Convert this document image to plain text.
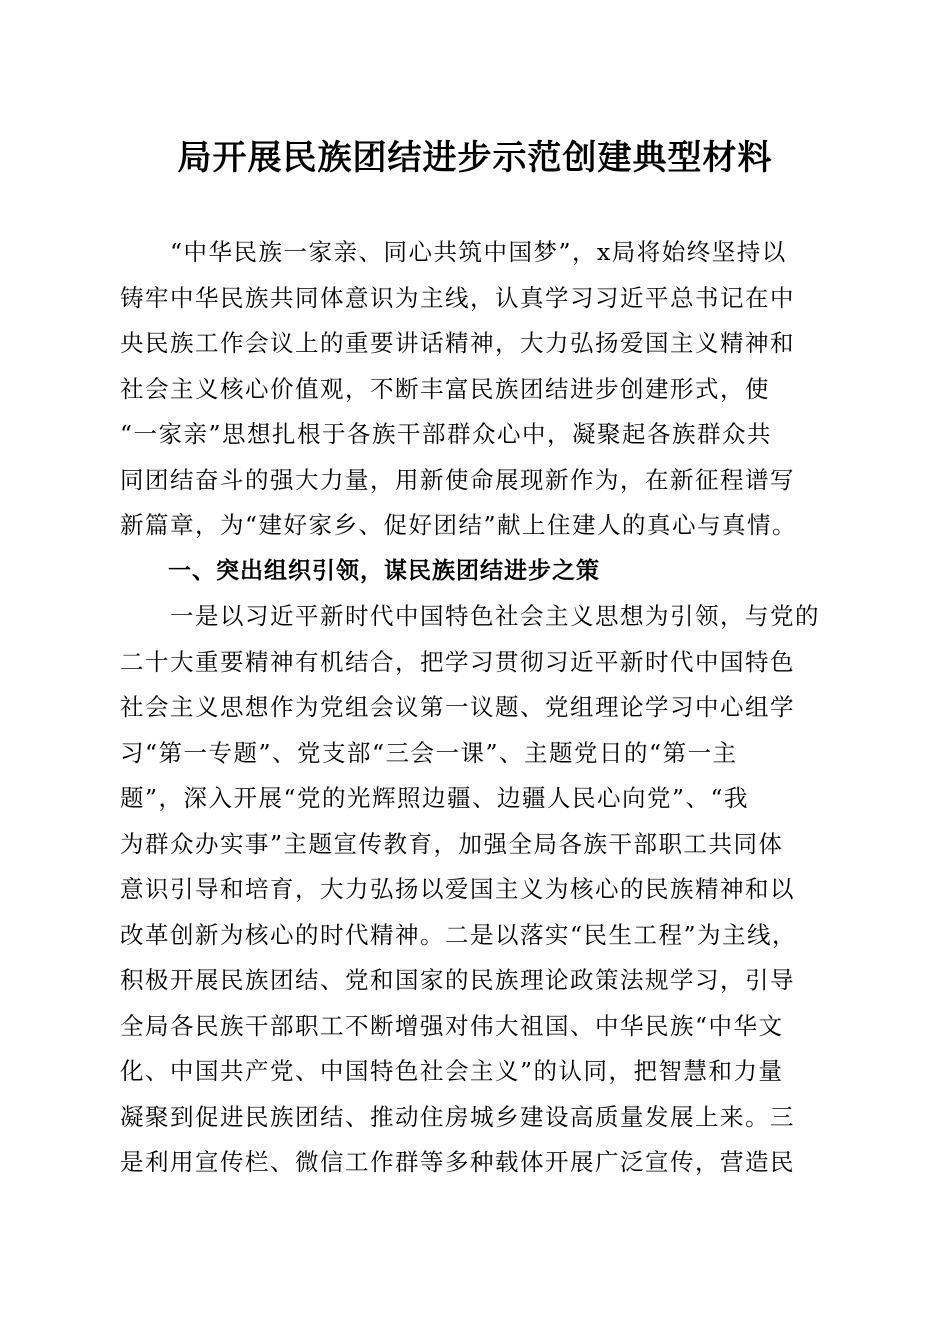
局开展民族团结进步示范创建典型材料
　　“中华民族一家亲、同心共筑中国梦”，x局将始终坚持以
铸牢中华民族共同体意识为主线，认真学习习近平总书记在中
央民族工作会议上的重要讲话精神，大力弘扬爱国主义精神和
社会主义核心价值观，不断丰富民族团结进步创建形式，使
“一家亲”思想扎根于各族干部群众心中，凝聚起各族群众共
同团结奋斗的强大力量，用新使命展现新作为，在新征程谱写
新篇章，为“建好家乡、促好团结”献上住建人的真心与真情。
　　一、突出组织引领，谋民族团结进步之策
　　一是以习近平新时代中国特色社会主义思想为引领，与党的
二十大重要精神有机结合，把学习贯彻习近平新时代中国特色
社会主义思想作为党组会议第一议题、党组理论学习中心组学
习“第一专题”、党支部“三会一课”、主题党日的“第一主
题”，深入开展“党的光辉照边疆、边疆人民心向党”、“我
为群众办实事”主题宣传教育，加强全局各族干部职工共同体
意识引导和培育，大力弘扬以爱国主义为核心的民族精神和以
改革创新为核心的时代精神。二是以落实“民生工程”为主线，
积极开展民族团结、党和国家的民族理论政策法规学习，引导
全局各民族干部职工不断增强对伟大祖国、中华民族“中华文
化、中国共产党、中国特色社会主义”的认同，把智慧和力量
凝聚到促进民族团结、推动住房城乡建设高质量发展上来。三
是利用宣传栏、微信工作群等多种载体开展广泛宣传，营造民
